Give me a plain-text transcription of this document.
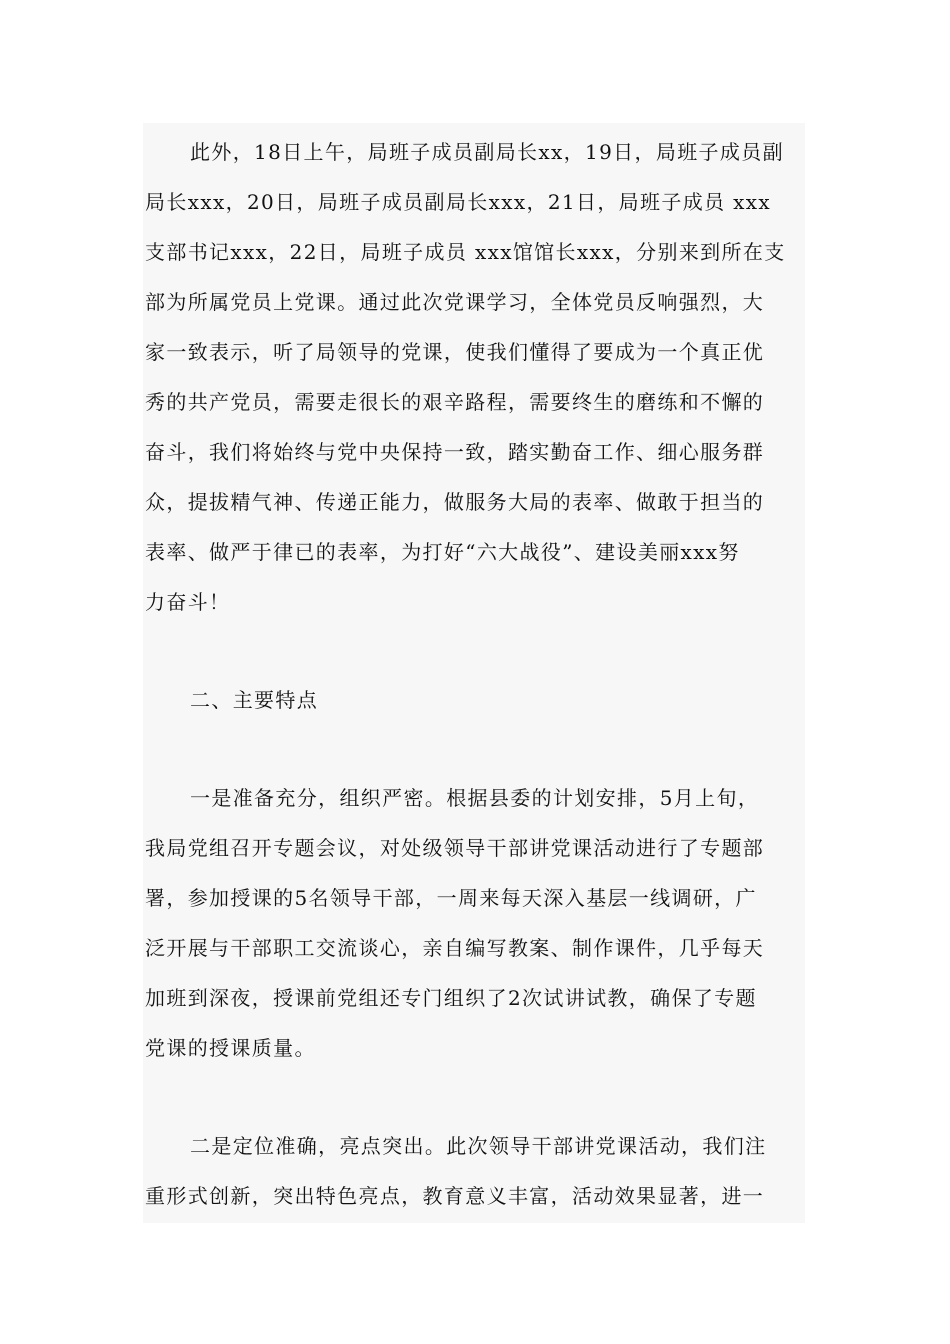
此外，18日上午，局班子成员副局长xx，19日，局班子成员副
局长xxx，20日，局班子成员副局长xxx，21日，局班子成员 xxx
支部书记xxx，22日，局班子成员 xxx馆馆长xxx，分别来到所在支
部为所属党员上党课。通过此次党课学习，全体党员反响强烈，大
家一致表示，听了局领导的党课，使我们懂得了要成为一个真正优
秀的共产党员，需要走很长的艰辛路程，需要终生的磨练和不懈的
奋斗，我们将始终与党中央保持一致，踏实勤奋工作、细心服务群
众，提拔精气神、传递正能力，做服务大局的表率、做敢于担当的
表率、做严于律已的表率，为打好“六大战役”、建设美丽xxx努
力奋斗！
二、主要特点
一是准备充分，组织严密。根据县委的计划安排，5月上旬，
我局党组召开专题会议，对处级领导干部讲党课活动进行了专题部
署，参加授课的5名领导干部，一周来每天深入基层一线调研，广
泛开展与干部职工交流谈心，亲自编写教案、制作课件，几乎每天
加班到深夜，授课前党组还专门组织了2次试讲试教，确保了专题
党课的授课质量。
二是定位准确，亮点突出。此次领导干部讲党课活动，我们注
重形式创新，突出特色亮点，教育意义丰富，活动效果显著，进一
